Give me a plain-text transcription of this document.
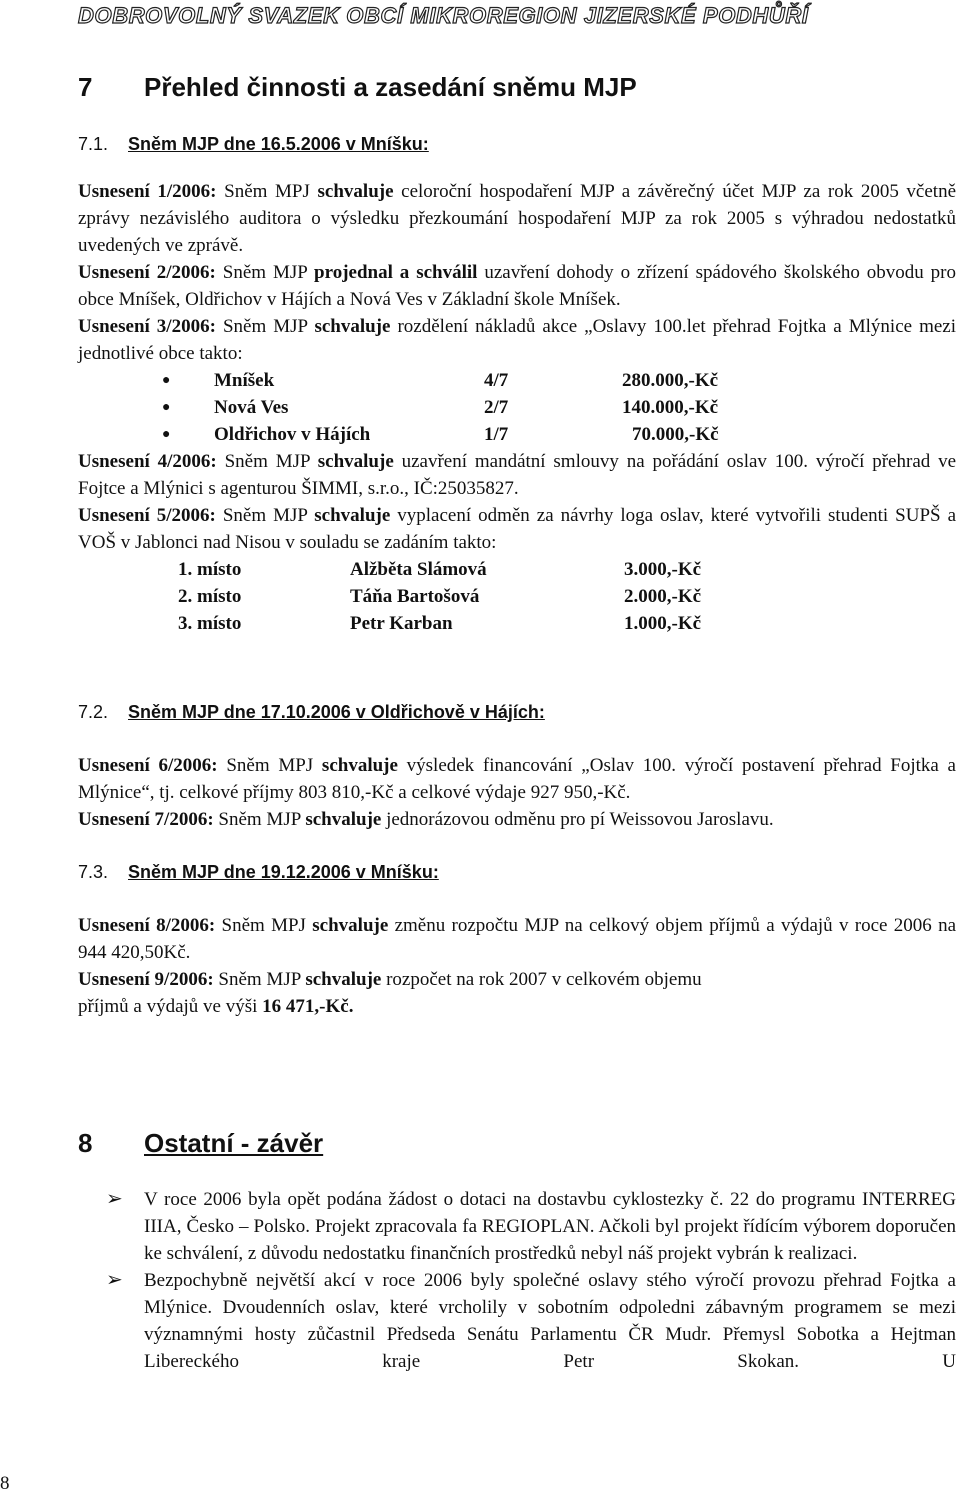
DOBROVOLNÝ SVAZEK OBCÍ MIKROREGION JIZERSKÉ PODHŮŘÍ
7 Přehled činnosti a zasedání sněmu MJP
7.1. Sněm MJP dne 16.5.2006 v Mníšku:

Usnesení 1/2006: Sněm MPJ schvaluje celoroční hospodaření MJP a závěrečný účet MJP za rok 2005 včetně zprávy nezávislého auditora o výsledku přezkoumání hospodaření MJP za rok 2005 s výhradou nedostatků uvedených ve zprávě.

Usnesení 2/2006: Sněm MJP projednal a schválil uzavření dohody o zřízení spádového školského obvodu pro obce Mníšek, Oldřichov v Hájích a Nová Ves v Základní škole Mníšek.

Usnesení 3/2006: Sněm MJP schvaluje rozdělení nákladů akce „Oslavy 100.let přehrad Fojtka a Mlýnice mezi jednotlivé obce takto:

● Mníšek	4/7	280.000,-Kč
● Nová Ves	2/7	140.000,-Kč
● Oldřichov v Hájích	1/7	70.000,-Kč

Usnesení 4/2006: Sněm MJP schvaluje uzavření mandátní smlouvy na pořádání oslav 100. výročí přehrad ve Fojtce a Mlýnici s agenturou ŠIMMI, s.r.o., IČ:25035827.

Usnesení 5/2006: Sněm MJP schvaluje vyplacení odměn za návrhy loga oslav, které vytvořili studenti SUPŠ a VOŠ v Jablonci nad Nisou v souladu se zadáním takto:

1. místo	Alžběta Slámová	3.000,-Kč
2. místo	Táňa Bartošová	2.000,-Kč
3. místo	Petr Karban	1.000,-Kč
7.2. Sněm MJP dne 17.10.2006 v Oldřichově v Hájích:

Usnesení 6/2006: Sněm MPJ schvaluje výsledek financování „Oslav 100. výročí postavení přehrad Fojtka a Mlýnice“, tj. celkové příjmy 803 810,-Kč a celkové výdaje 927 950,-Kč.

Usnesení 7/2006: Sněm MJP schvaluje jednorázovou odměnu pro pí Weissovou Jaroslavu.

7.3. Sněm MJP dne 19.12.2006 v Mníšku:

Usnesení 8/2006: Sněm MPJ schvaluje změnu rozpočtu MJP na celkový objem příjmů a výdajů v roce 2006 na 944 420,50Kč.

Usnesení 9/2006: Sněm MJP schvaluje rozpočet na rok 2007 v celkovém objemu
příjmů a výdajů ve výši 16 471,-Kč.

8 Ostatní - závěr
➢ V roce 2006 byla opět podána žádost o dotaci na dostavbu cyklostezky č. 22 do programu INTERREG IIIA, Česko – Polsko. Projekt zpracovala fa REGIOPLAN. Ačkoli byl projekt řídícím výborem doporučen ke schválení, z důvodu nedostatku finančních prostředků nebyl náš projekt vybrán k realizaci.

➢ Bezpochybně největší akcí v roce 2006 byly společné oslavy stého výročí provozu přehrad Fojtka a Mlýnice. Dvoudenních oslav, které vrcholily v sobotním odpoledni zábavným programem se mezi významnými hosty zůčastnil Předseda Senátu Parlamentu ČR Mudr. Přemysl Sobotka a Hejtman Libereckého kraje Petr Skokan. U

8
